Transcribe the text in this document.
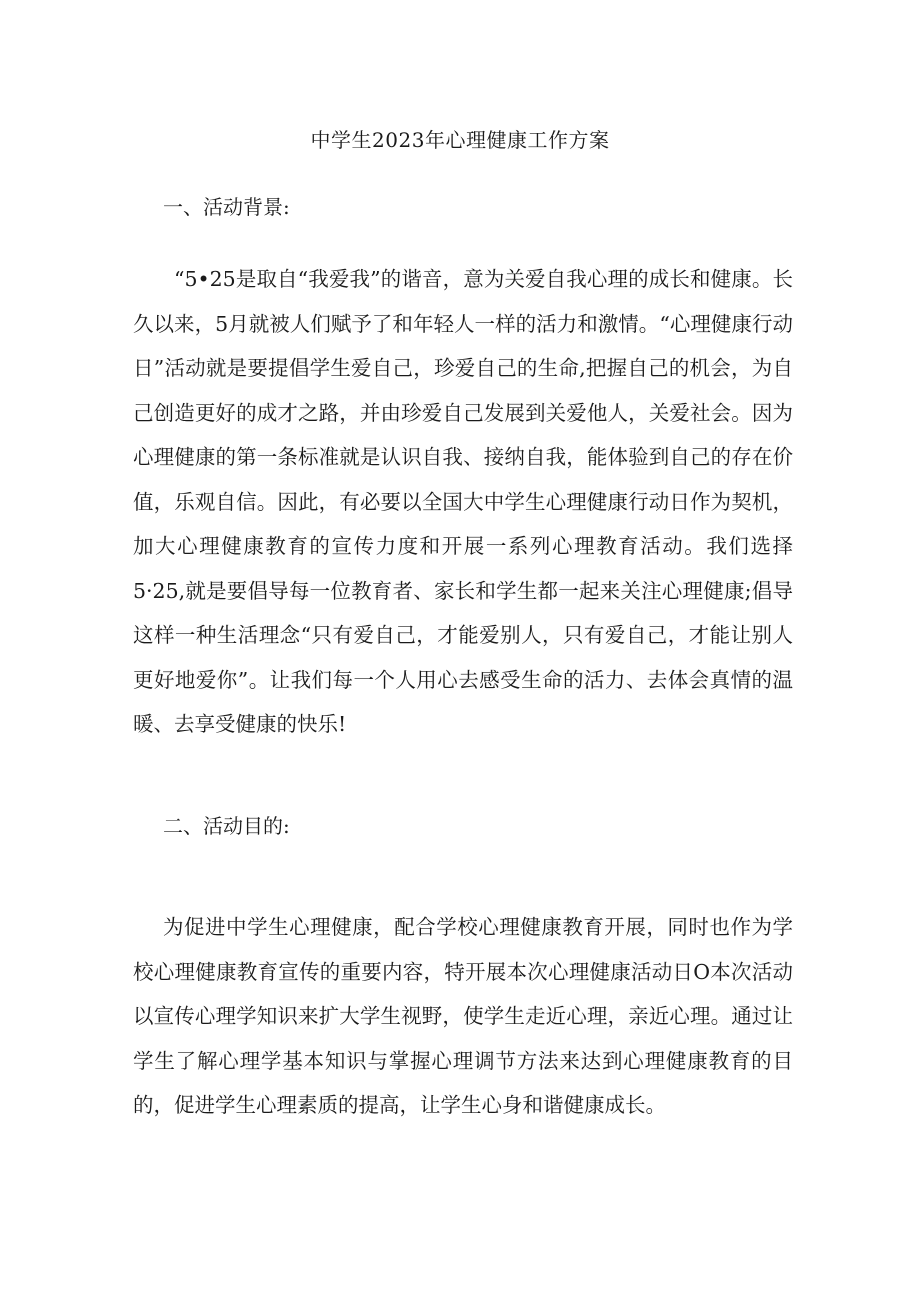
中学生2023年心理健康工作方案
一、活动背景:

“5•25是取自“我爱我”的谐音，意为关爱自我心理的成长和健康。长久以来，5月就被人们赋予了和年轻人一样的活力和激情。“心理健康行动日”活动就是要提倡学生爱自己，珍爱自己的生命,把握自己的机会，为自己创造更好的成才之路，并由珍爱自己发展到关爱他人，关爱社会。因为心理健康的第一条标准就是认识自我、接纳自我，能体验到自己的存在价值，乐观自信。因此，有必要以全国大中学生心理健康行动日作为契机，加大心理健康教育的宣传力度和开展一系列心理教育活动。我们选择5·25,就是要倡导每一位教育者、家长和学生都一起来关注心理健康;倡导这样一种生活理念“只有爱自己，才能爱别人，只有爱自己，才能让别人更好地爱你”。让我们每一个人用心去感受生命的活力、去体会真情的温暖、去享受健康的快乐!

二、活动目的:

为促进中学生心理健康，配合学校心理健康教育开展，同时也作为学校心理健康教育宣传的重要内容，特开展本次心理健康活动日O本次活动以宣传心理学知识来扩大学生视野，使学生走近心理，亲近心理。通过让学生了解心理学基本知识与掌握心理调节方法来达到心理健康教育的目的，促进学生心理素质的提高，让学生心身和谐健康成长。
